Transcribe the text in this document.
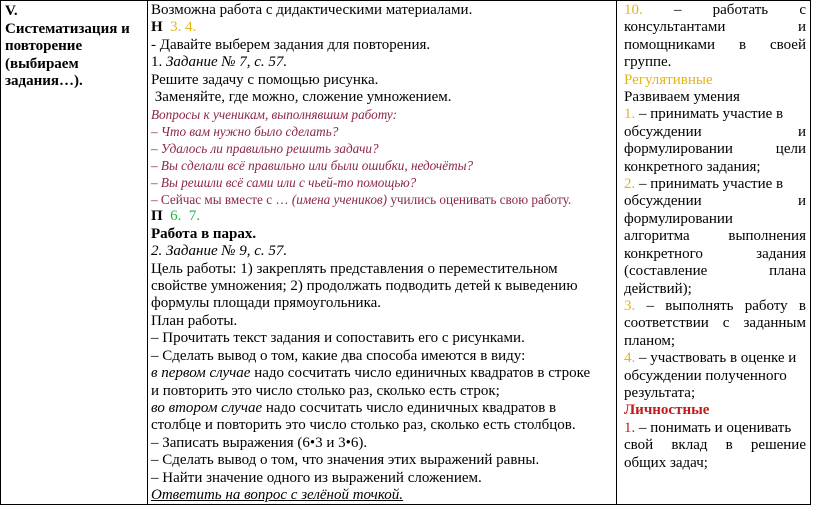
V.
Систематизация и
повторение
(выбираем
задания…).

Возможна работа с дидактическими материалами.
Н 3. 4.
- Давайте выберем задания для повторения.
1. Задание № 7, с. 57.
Решите задачу с помощью рисунка.
Заменяйте, где можно, сложение умножением.
Вопросы к ученикам, выполнявшим работу:
– Что вам нужно было сделать?
– Удалось ли правильно решить задачи?
– Вы сделали всё правильно или были ошибки, недочёты?
– Вы решили всё сами или с чьей-то помощью?
– Сейчас мы вместе с … (имена учеников) учились оценивать свою работу.
П 6. 7.
Работа в парах.
2. Задание № 9, с. 57.
Цель работы: 1) закреплять представления о переместительном
свойстве умножения; 2) продолжать подводить детей к выведению
формулы площади прямоугольника.
План работы.
– Прочитать текст задания и сопоставить его с рисунками.
– Сделать вывод о том, какие два способа имеются в виду:
в первом случае надо сосчитать число единичных квадратов в строке
и повторить это число столько раз, сколько есть строк;
во втором случае надо сосчитать число единичных квадратов в
столбце и повторить это число столько раз, сколько есть столбцов.
– Записать выражения (6•3 и 3•6).
– Сделать вывод о том, что значения этих выражений равны.
– Найти значение одного из выражений сложением.
Ответить на вопрос с зелёной точкой.

10. – работать с
консультантами и
помощниками в своей
группе.
Регулятивные
Развиваем умения
1. – принимать участие в
обсуждении и
формулировании цели
конкретного задания;
2. – принимать участие в
обсуждении и
формулировании
алгоритма выполнения
конкретного задания
(составление плана
действий);
3. – выполнять работу в
соответствии с заданным
планом;
4. – участвовать в оценке и
обсуждении полученного
результата;
Личностные
1. – понимать и оценивать
свой вклад в решение
общих задач;
